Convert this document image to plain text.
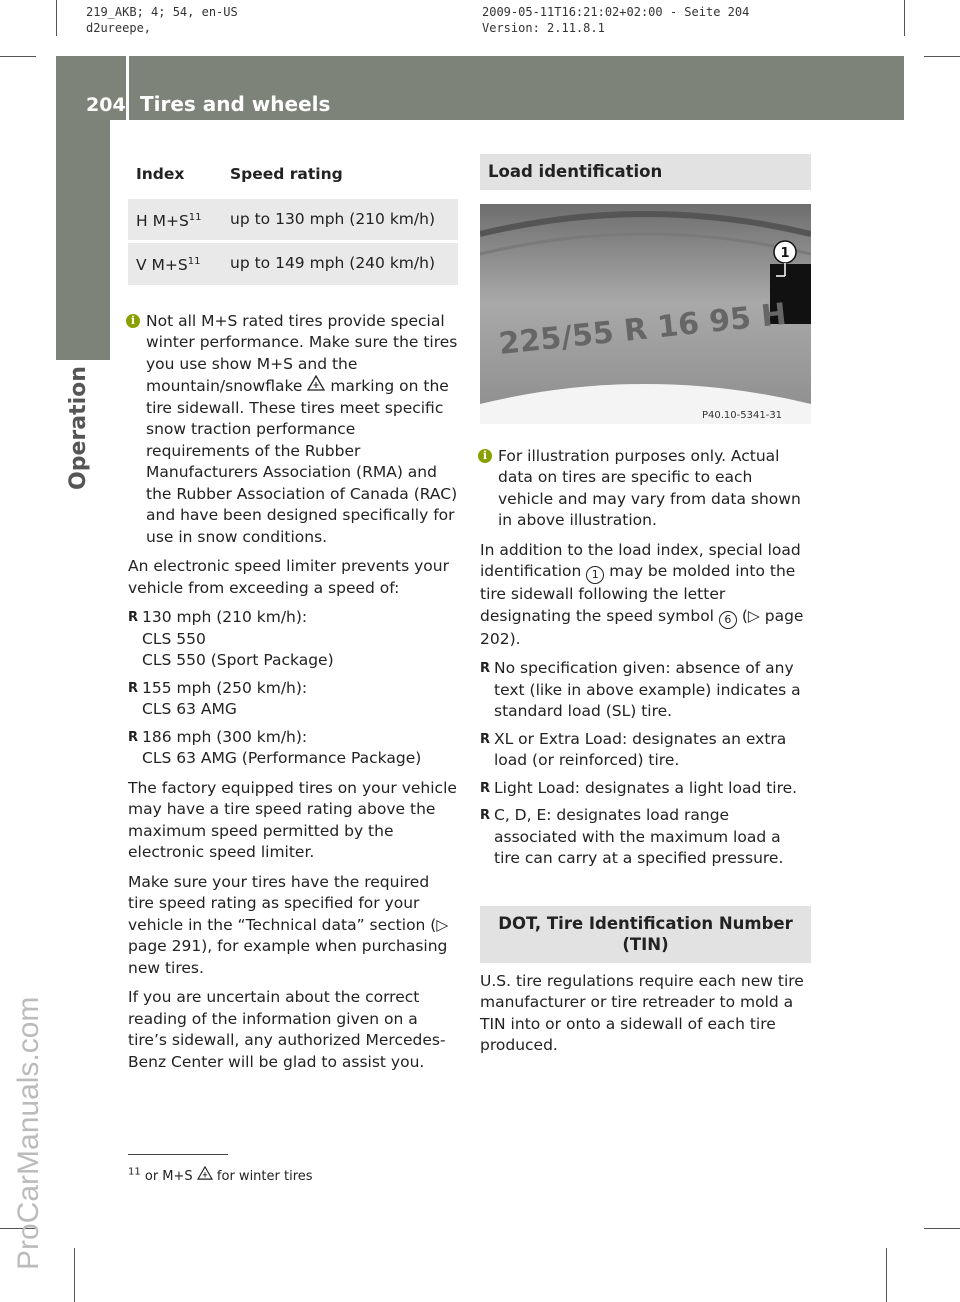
219_AKB; 4; 54, en-US
d2ureepe,
2009-05-11T16:21:02+02:00 - Seite 204
Version: 2.11.8.1
204 Tires and wheels
Operation
ProCarManuals.com
Index	Speed rating
H $M+S^{11}$	up to 130 mph (210 km/h)
V $M+S^{11}$	up to 149 mph (240 km/h)
i Not all M+S rated tires provide special winter performance. Make sure the tires you use show M+S and the mountain/snowflake  marking on the tire sidewall. These tires meet specific snow traction performance requirements of the Rubber Manufacturers Association (RMA) and the Rubber Association of Canada (RAC) and have been designed specifically for use in snow conditions.

An electronic speed limiter prevents your vehicle from exceeding a speed of:

R 130 mph (210 km/h):
CLS 550
CLS 550 (Sport Package)
R 155 mph (250 km/h):
CLS 63 AMG
R 186 mph (300 km/h):
CLS 63 AMG (Performance Package)

The factory equipped tires on your vehicle may have a tire speed rating above the maximum speed permitted by the electronic speed limiter.

Make sure your tires have the required tire speed rating as specified for your vehicle in the “Technical data” section (▷ page 291), for example when purchasing new tires.

If you are uncertain about the correct reading of the information given on a tire’s sidewall, any authorized Mercedes-Benz Center will be glad to assist you.

Load identification
225/55 R 16 95 H
1
P40.10-5341-31
i For illustration purposes only. Actual data on tires are specific to each vehicle and may vary from data shown in above illustration.

In addition to the load index, special load identification 1 may be molded into the tire sidewall following the letter designating the speed symbol 6 (▷ page 202).

R No specification given: absence of any text (like in above example) indicates a standard load (SL) tire.
R XL or Extra Load: designates an extra load (or reinforced) tire.
R Light Load: designates a light load tire.
R C, D, E: designates load range associated with the maximum load a tire can carry at a specified pressure.
DOT, Tire Identification Number (TIN)

U.S. tire regulations require each new tire manufacturer or tire retreader to mold a TIN into or onto a sidewall of each tire produced.

$^{11}$ or M+S  for winter tires
